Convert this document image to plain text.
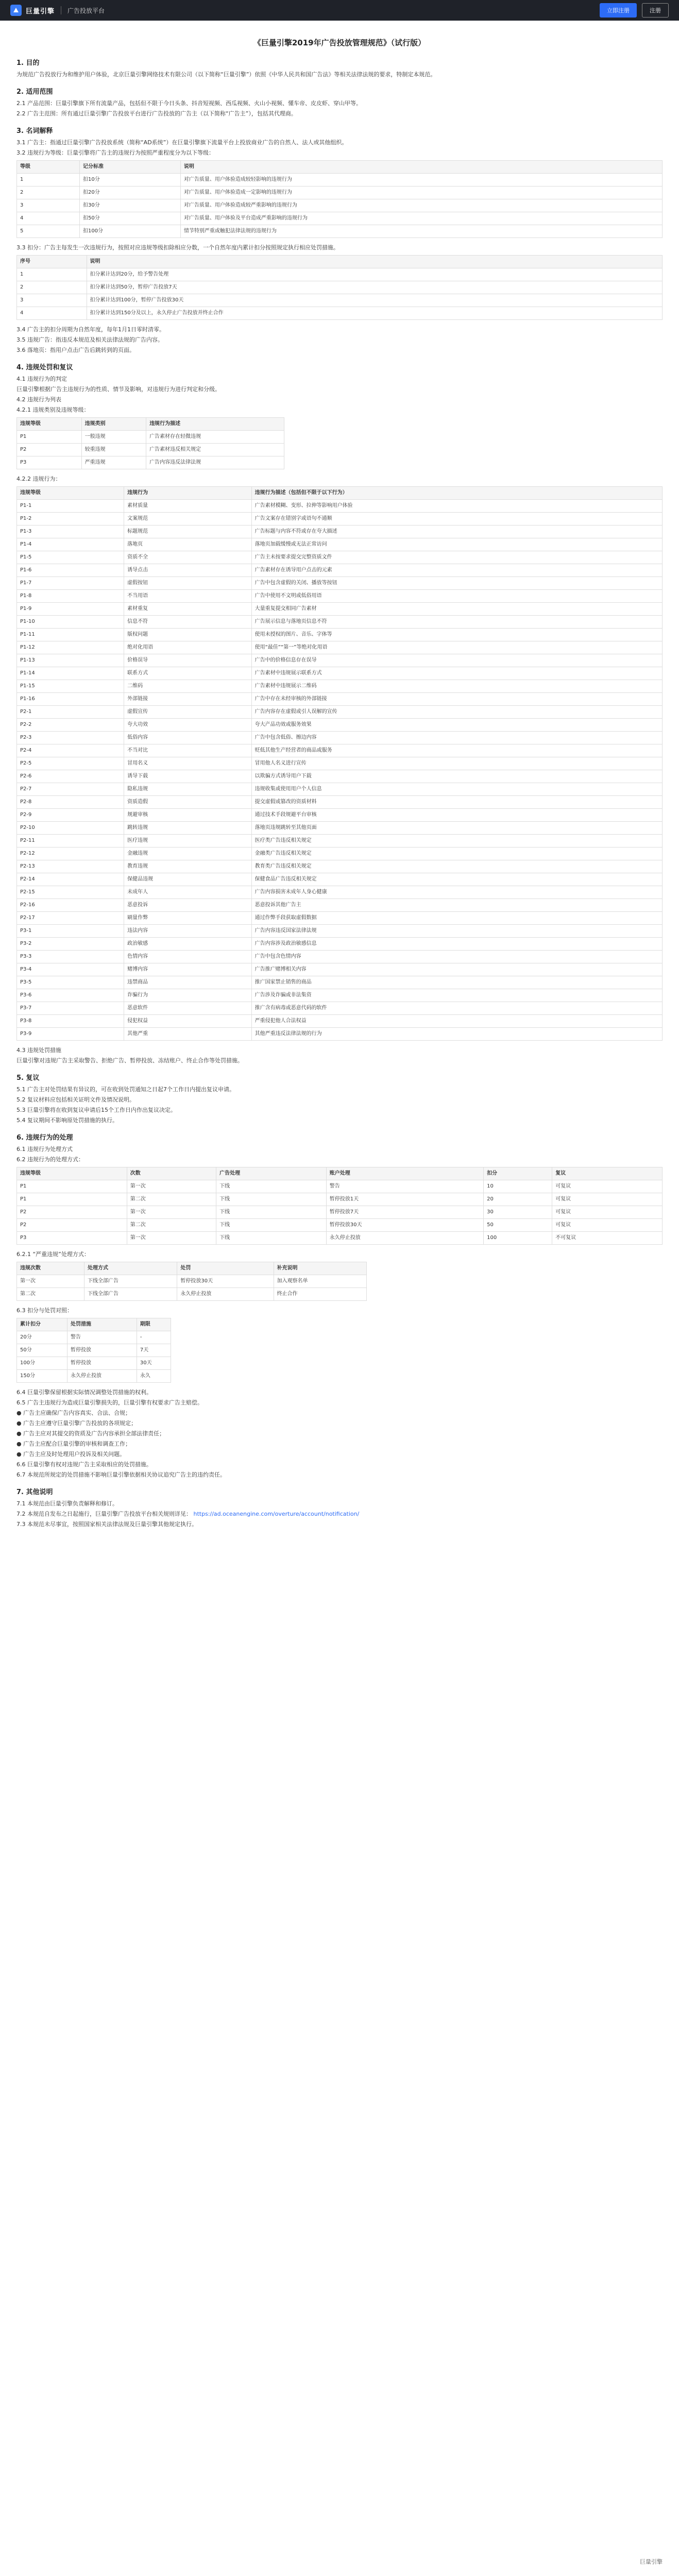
巨量引擎 广告投放平台	立即注册	注册
《巨量引擎2019年广告投放管理规范》（试行版）
1. 目的

为规范广告投放行为和维护用户体验，北京巨量引擎网络技术有限公司（以下简称“巨量引擎”）依照《中华人民共和国广告法》等相关法律法规的要求，特制定本规范。

2. 适用范围

2.1 产品范围：巨量引擎旗下所有流量产品，包括但不限于今日头条、抖音短视频、西瓜视频、火山小视频、懂车帝、皮皮虾、穿山甲等。

2.2 广告主范围：所有通过巨量引擎广告投放平台进行广告投放的广告主（以下简称“广告主”），包括其代理商。

3. 名词解释

3.1 广告主：指通过巨量引擎广告投放系统（简称“AD系统”）在巨量引擎旗下流量平台上投放商业广告的自然人、法人或其他组织。

3.2 违规行为等级：巨量引擎将广告主的违规行为按照严重程度分为以下等级：

等级	记分标准	说明
1	扣10分	对广告质量、用户体验造成较轻影响的违规行为
2	扣20分	对广告质量、用户体验造成一定影响的违规行为
3	扣30分	对广告质量、用户体验造成较严重影响的违规行为
4	扣50分	对广告质量、用户体验及平台造成严重影响的违规行为
5	扣100分	情节特别严重或触犯法律法规的违规行为

3.3 扣分：广告主每发生一次违规行为，按照对应违规等级扣除相应分数，一个自然年度内累计扣分按照规定执行相应处罚措施。

序号	说明
1	扣分累计达到20分，给予警告处理
2	扣分累计达到50分，暂停广告投放7天
3	扣分累计达到100分，暂停广告投放30天
4	扣分累计达到150分及以上，永久停止广告投放并终止合作

3.4 广告主的扣分周期为自然年度，每年1月1日零时清零。

3.5 违规广告：指违反本规范及相关法律法规的广告内容。

3.6 落地页：指用户点击广告后跳转到的页面。

4. 违规处罚和复议

4.1 违规行为的判定

巨量引擎根据广告主违规行为的性质、情节及影响，对违规行为进行判定和分级。

4.2 违规行为列表

4.2.1 违规类别及违规等级：

违规等级	违规类别	违规行为描述
P1	一般违规	广告素材存在轻微违规
P2	较重违规	广告素材违反相关规定
P3	严重违规	广告内容违反法律法规

4.2.2 违规行为：

违规等级	违规行为	违规行为描述（包括但不限于以下行为）
P1-1	素材质量	广告素材模糊、变形、拉伸等影响用户体验
P1-2	文案规范	广告文案存在错别字或语句不通顺
P1-3	标题规范	广告标题与内容不符或存在夸大描述
P1-4	落地页	落地页加载缓慢或无法正常访问
P1-5	资质不全	广告主未按要求提交完整资质文件
P1-6	诱导点击	广告素材存在诱导用户点击的元素
P1-7	虚假按钮	广告中包含虚假的关闭、播放等按钮
P1-8	不当用语	广告中使用不文明或低俗用语
P1-9	素材重复	大量重复提交相同广告素材
P1-10	信息不符	广告展示信息与落地页信息不符
P1-11	版权问题	使用未授权的图片、音乐、字体等
P1-12	绝对化用语	使用“最佳”“第一”等绝对化用语
P1-13	价格误导	广告中的价格信息存在误导
P1-14	联系方式	广告素材中违规展示联系方式
P1-15	二维码	广告素材中违规展示二维码
P1-16	外部链接	广告中存在未经审核的外部链接
P2-1	虚假宣传	广告内容存在虚假或引人误解的宣传
P2-2	夸大功效	夸大产品功效或服务效果
P2-3	低俗内容	广告中包含低俗、擦边内容
P2-4	不当对比	贬低其他生产经营者的商品或服务
P2-5	冒用名义	冒用他人名义进行宣传
P2-6	诱导下载	以欺骗方式诱导用户下载
P2-7	隐私违规	违规收集或使用用户个人信息
P2-8	资质造假	提交虚假或篡改的资质材料
P2-9	规避审核	通过技术手段规避平台审核
P2-10	跳转违规	落地页违规跳转至其他页面
P2-11	医疗违规	医疗类广告违反相关规定
P2-12	金融违规	金融类广告违反相关规定
P2-13	教育违规	教育类广告违反相关规定
P2-14	保健品违规	保健食品广告违反相关规定
P2-15	未成年人	广告内容损害未成年人身心健康
P2-16	恶意投诉	恶意投诉其他广告主
P2-17	刷量作弊	通过作弊手段获取虚假数据
P3-1	违法内容	广告内容违反国家法律法规
P3-2	政治敏感	广告内容涉及政治敏感信息
P3-3	色情内容	广告中包含色情内容
P3-4	赌博内容	广告推广赌博相关内容
P3-5	违禁商品	推广国家禁止销售的商品
P3-6	诈骗行为	广告涉及诈骗或非法集资
P3-7	恶意软件	推广含有病毒或恶意代码的软件
P3-8	侵犯权益	严重侵犯他人合法权益
P3-9	其他严重	其他严重违反法律法规的行为

4.3 违规处罚措施

巨量引擎对违规广告主采取警告、拒绝广告、暂停投放、冻结账户、终止合作等处罚措施。

5. 复议

5.1 广告主对处罚结果有异议的，可在收到处罚通知之日起7个工作日内提出复议申请。

5.2 复议材料应包括相关证明文件及情况说明。

5.3 巨量引擎将在收到复议申请后15个工作日内作出复议决定。

5.4 复议期间不影响原处罚措施的执行。

6. 违规行为的处理

6.1 违规行为处理方式

6.2 违规行为的处理方式：

违规等级	次数	广告处理	账户处理	扣分	复议
P1	第一次	下线	警告	10	可复议
P1	第二次	下线	暂停投放1天	20	可复议
P2	第一次	下线	暂停投放7天	30	可复议
P2	第二次	下线	暂停投放30天	50	可复议
P3	第一次	下线	永久停止投放	100	不可复议

6.2.1 “严重违规”处理方式：

违规次数	处理方式	处罚	补充说明
第一次	下线全部广告	暂停投放30天	加入观察名单
第二次	下线全部广告	永久停止投放	终止合作

6.3 扣分与处罚对照：

累计扣分	处罚措施	期限
20分	警告	-
50分	暂停投放	7天
100分	暂停投放	30天
150分	永久停止投放	永久

6.4 巨量引擎保留根据实际情况调整处罚措施的权利。

6.5 广告主违规行为造成巨量引擎损失的，巨量引擎有权要求广告主赔偿。

● 广告主应确保广告内容真实、合法、合规；

● 广告主应遵守巨量引擎广告投放的各项规定；

● 广告主应对其提交的资质及广告内容承担全部法律责任；

● 广告主应配合巨量引擎的审核和调查工作；

● 广告主应及时处理用户投诉及相关问题。

6.6 巨量引擎有权对违规广告主采取相应的处罚措施。

6.7 本规范所规定的处罚措施不影响巨量引擎依据相关协议追究广告主的违约责任。

7. 其他说明

7.1 本规范由巨量引擎负责解释和修订。

7.2 本规范自发布之日起施行，巨量引擎广告投放平台相关规则详见： https://ad.oceanengine.com/overture/account/notification/

7.3 本规范未尽事宜，按照国家相关法律法规及巨量引擎其他规定执行。

巨量引擎
